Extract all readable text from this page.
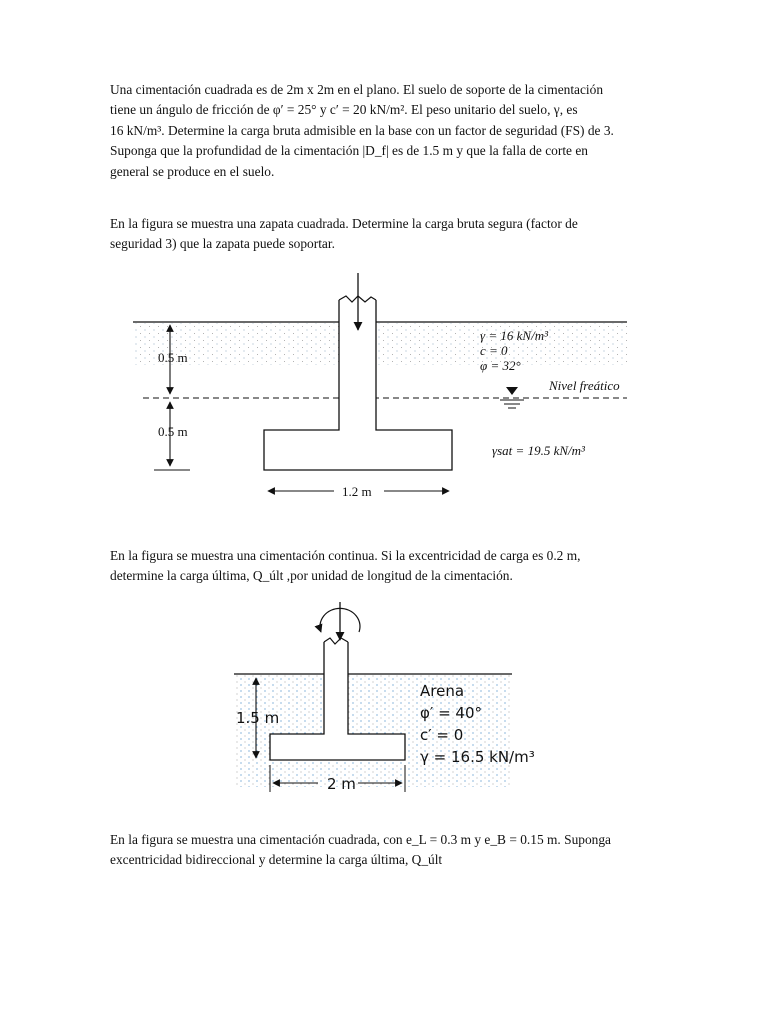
Una cimentación cuadrada es de 2m x 2m en el plano. El suelo de soporte de la cimentación
tiene un ángulo de fricción de φ′ = 25° y c′ = 20 kN/m². El peso unitario del suelo, γ, es
16 kN/m³. Determine la carga bruta admisible en la base con un factor de seguridad (FS) de 3.
Suponga que la profundidad de la cimentación |D_f| es de 1.5 m y que la falla de corte en
general se produce en el suelo.
En la figura se muestra una zapata cuadrada. Determine la carga bruta segura (factor de
seguridad 3) que la zapata puede soportar.
0.5 m
0.5 m
1.2 m
γ = 16 kN/m³
c = 0
φ = 32°
Nivel freático
γsat = 19.5 kN/m³
En la figura se muestra una cimentación continua. Si la excentricidad de carga es 0.2 m,
determine la carga última, Q_últ ,por unidad de longitud de la cimentación.
1.5 m
2 m
Arena
φ′ = 40°
c′ = 0
γ = 16.5 kN/m³
En la figura se muestra una cimentación cuadrada, con e_L = 0.3 m y e_B = 0.15 m. Suponga
excentricidad bidireccional y determine la carga última, Q_últ
